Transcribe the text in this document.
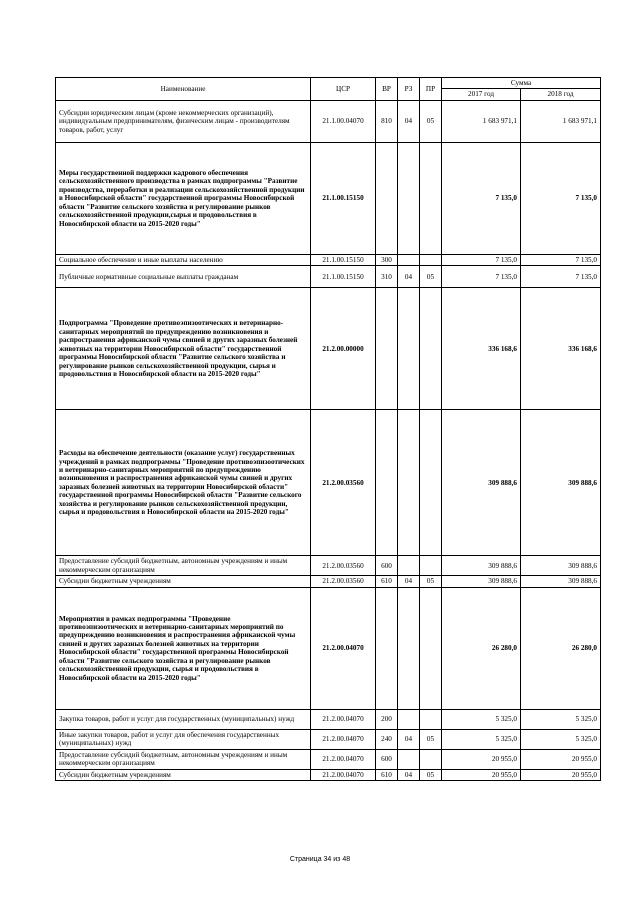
Наименование	ЦСР	ВР	РЗ	ПР	Сумма	
					2017 год	2018 год
Субсидии юридическим лицам (кроме некоммерческих организаций), индивидуальным предпринимателям, физическим лицам - производителям товаров, работ, услуг	21.1.00.04070	810	04	05	1 683 971,1	1 683 971,1
Меры государственной поддержки кадрового обеспечения сельскохозяйственного производства в рамках подпрограммы "Развитие производства, переработки и реализации сельскохозяйственной продукции в Новосибирской области" государственной программы Новосибирской области "Развитие сельского хозяйства и регулирование рынков сельскохозяйственной продукции,сырья и продовольствия в Новосибирской области на 2015-2020 годы"	21.1.00.15150				7 135,0	7 135,0
Социальное обеспечение и иные выплаты населению	21.1.00.15150	300			7 135,0	7 135,0
Публичные нормативные социальные выплаты гражданам	21.1.00.15150	310	04	05	7 135,0	7 135,0
Подпрограмма "Проведение противоэпизоотических и ветеринарно-санитарных мероприятий по предупреждению возникновения и распространения африканской чумы свиней и других заразных болезней животных на территории Новосибирской области" государственной программы Новосибирской области "Развитие сельского хозяйства и регулирование рынков сельскохозяйственной продукции, сырья и продовольствия в Новосибирской области на 2015-2020 годы"	21.2.00.00000				336 168,6	336 168,6
Расходы на обеспечение деятельности (оказание услуг) государственных учреждений в рамках подпрограммы "Проведение противоэпизоотических и ветеринарно-санитарных мероприятий по предупреждению возникновения и распространения африканской чумы свиней и других заразных болезней животных на территории Новосибирской области" государственной программы Новосибирской области "Развитие сельского хозяйства и регулирование рынков сельскохозяйственной продукции, сырья и продовольствия в Новосибирской области на 2015-2020 годы"	21.2.00.03560				309 888,6	309 888,6
Предоставление субсидий бюджетным, автономным учреждениям и иным некоммерческим организациям	21.2.00.03560	600			309 888,6	309 888,6
Субсидии бюджетным учреждениям	21.2.00.03560	610	04	05	309 888,6	309 888,6
Мероприятия в рамках подпрограммы "Проведение противоэпизоотических и ветеринарно-санитарных мероприятий по предупреждению возникновения и распространения африканской чумы свиней и других заразных болезней животных на территории Новосибирской области" государственной программы Новосибирской области "Развитие сельского хозяйства и регулирование рынков сельскохозяйственной продукции, сырья и продовольствия в Новосибирской области на 2015-2020 годы"	21.2.00.04070				26 280,0	26 280,0
Закупка товаров, работ и услуг для государственных (муниципальных) нужд	21.2.00.04070	200			5 325,0	5 325,0
Иные закупки товаров, работ и услуг для обеспечения государственных (муниципальных) нужд	21.2.00.04070	240	04	05	5 325,0	5 325,0
Предоставление субсидий бюджетным, автономным учреждениям и иным некоммерческим организациям	21.2.00.04070	600			20 955,0	20 955,0
Субсидии бюджетным учреждениям	21.2.00.04070	610	04	05	20 955,0	20 955,0
Страница 34 из 48
